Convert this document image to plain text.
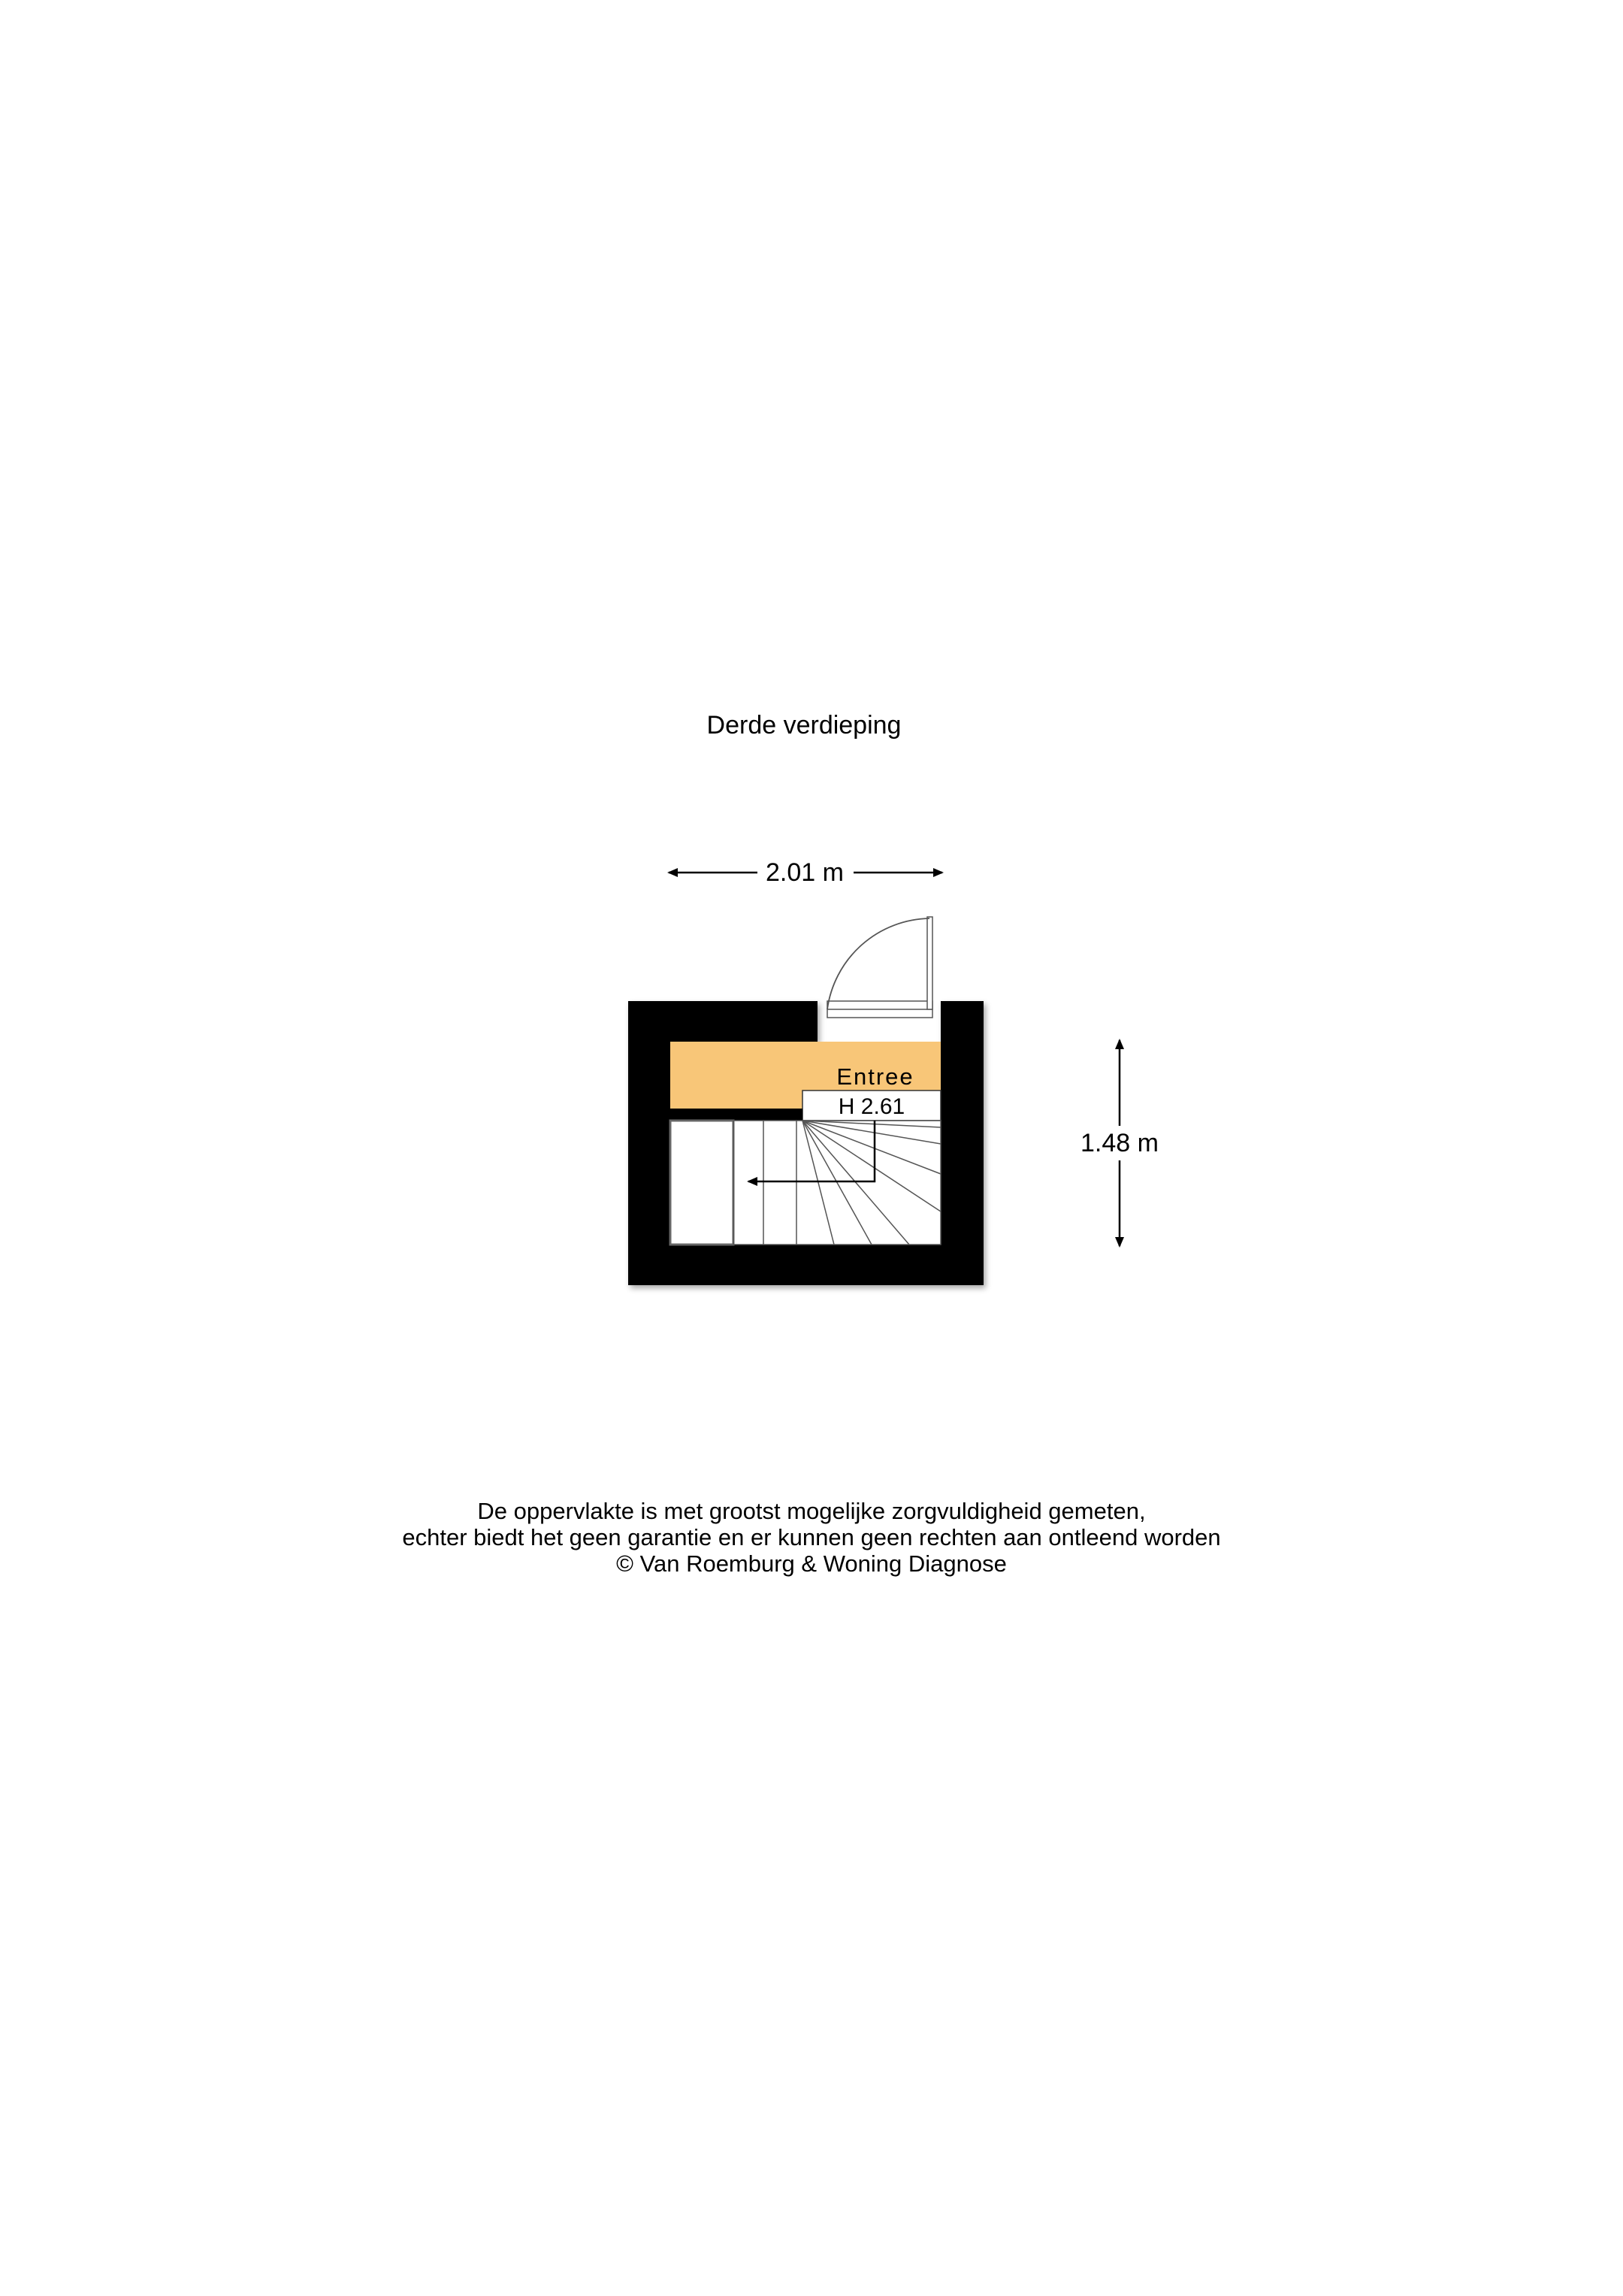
Derde verdieping
2.01 m
1.48 m
Entree
H 2.61
De oppervlakte is met grootst mogelijke zorgvuldigheid gemeten,
echter biedt het geen garantie en er kunnen geen rechten aan ontleend worden
© Van Roemburg & Woning Diagnose
